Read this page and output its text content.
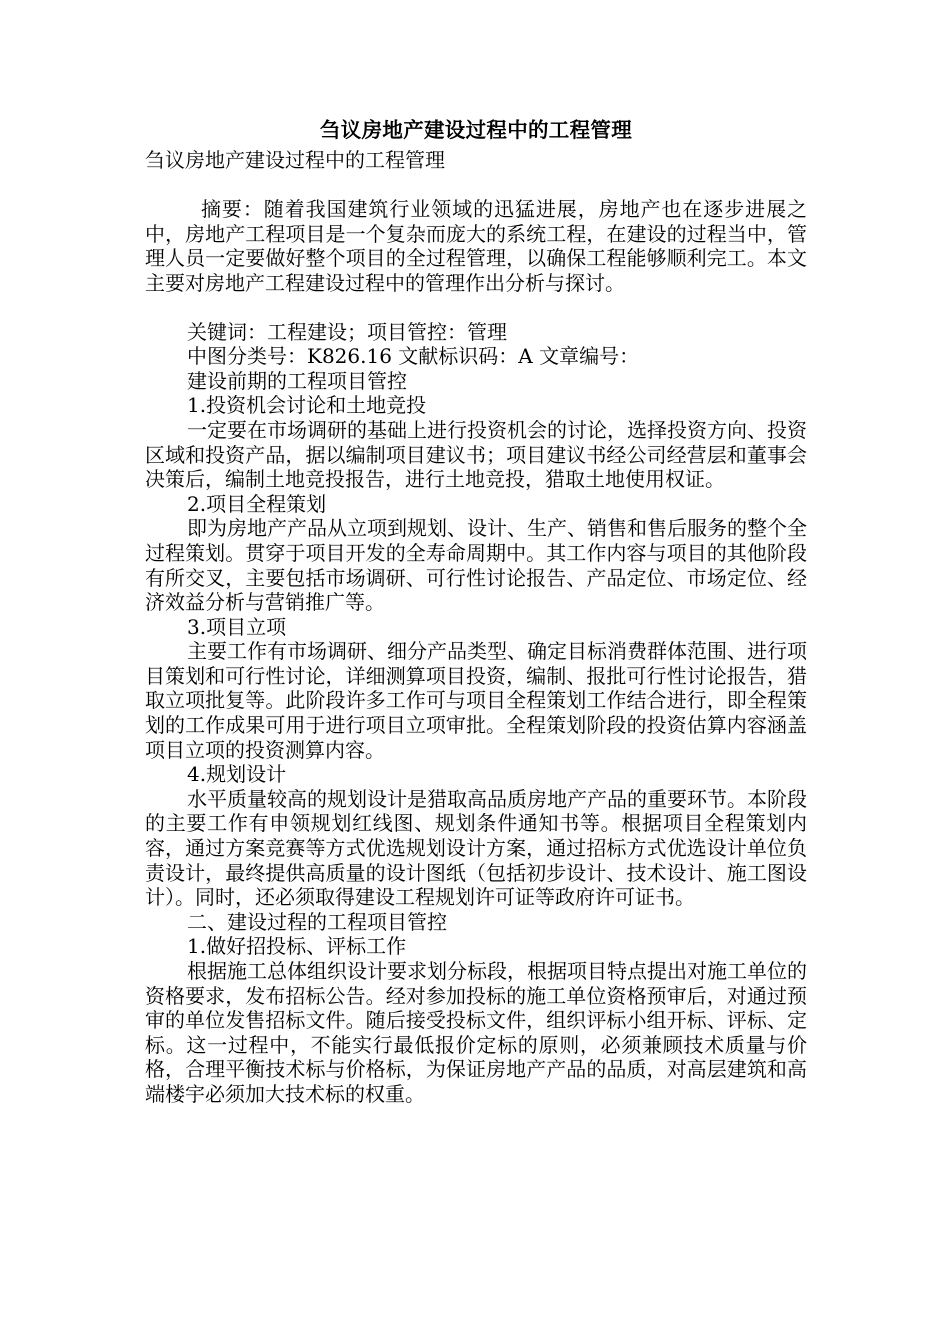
刍议房地产建设过程中的工程管理

刍议房地产建设过程中的工程管理

摘要：随着我国建筑行业领域的迅猛进展，房地产也在逐步进展之中，房地产工程项目是一个复杂而庞大的系统工程，在建设的过程当中，管理人员一定要做好整个项目的全过程管理，以确保工程能够顺利完工。本文主要对房地产工程建设过程中的管理作出分析与探讨。

关键词：工程建设；项目管控：管理

中图分类号：K826.16 文献标识码：A 文章编号：

建设前期的工程项目管控

1.投资机会讨论和土地竞投

一定要在市场调研的基础上进行投资机会的讨论，选择投资方向、投资区域和投资产品，据以编制项目建议书；项目建议书经公司经营层和董事会决策后，编制土地竞投报告，进行土地竞投，猎取土地使用权证。

2.项目全程策划

即为房地产产品从立项到规划、设计、生产、销售和售后服务的整个全过程策划。贯穿于项目开发的全寿命周期中。其工作内容与项目的其他阶段有所交叉，主要包括市场调研、可行性讨论报告、产品定位、市场定位、经济效益分析与营销推广等。

3.项目立项

主要工作有市场调研、细分产品类型、确定目标消费群体范围、进行项目策划和可行性讨论，详细测算项目投资，编制、报批可行性讨论报告，猎取立项批复等。此阶段许多工作可与项目全程策划工作结合进行，即全程策划的工作成果可用于进行项目立项审批。全程策划阶段的投资估算内容涵盖项目立项的投资测算内容。

4.规划设计

水平质量较高的规划设计是猎取高品质房地产产品的重要环节。本阶段的主要工作有申领规划红线图、规划条件通知书等。根据项目全程策划内容，通过方案竞赛等方式优选规划设计方案，通过招标方式优选设计单位负责设计，最终提供高质量的设计图纸（包括初步设计、技术设计、施工图设计）。同时，还必须取得建设工程规划许可证等政府许可证书。

二、建设过程的工程项目管控

1.做好招投标、评标工作

根据施工总体组织设计要求划分标段，根据项目特点提出对施工单位的资格要求，发布招标公告。经对参加投标的施工单位资格预审后，对通过预审的单位发售招标文件。随后接受投标文件，组织评标小组开标、评标、定标。这一过程中，不能实行最低报价定标的原则，必须兼顾技术质量与价格，合理平衡技术标与价格标，为保证房地产产品的品质，对高层建筑和高端楼宇必须加大技术标的权重。
